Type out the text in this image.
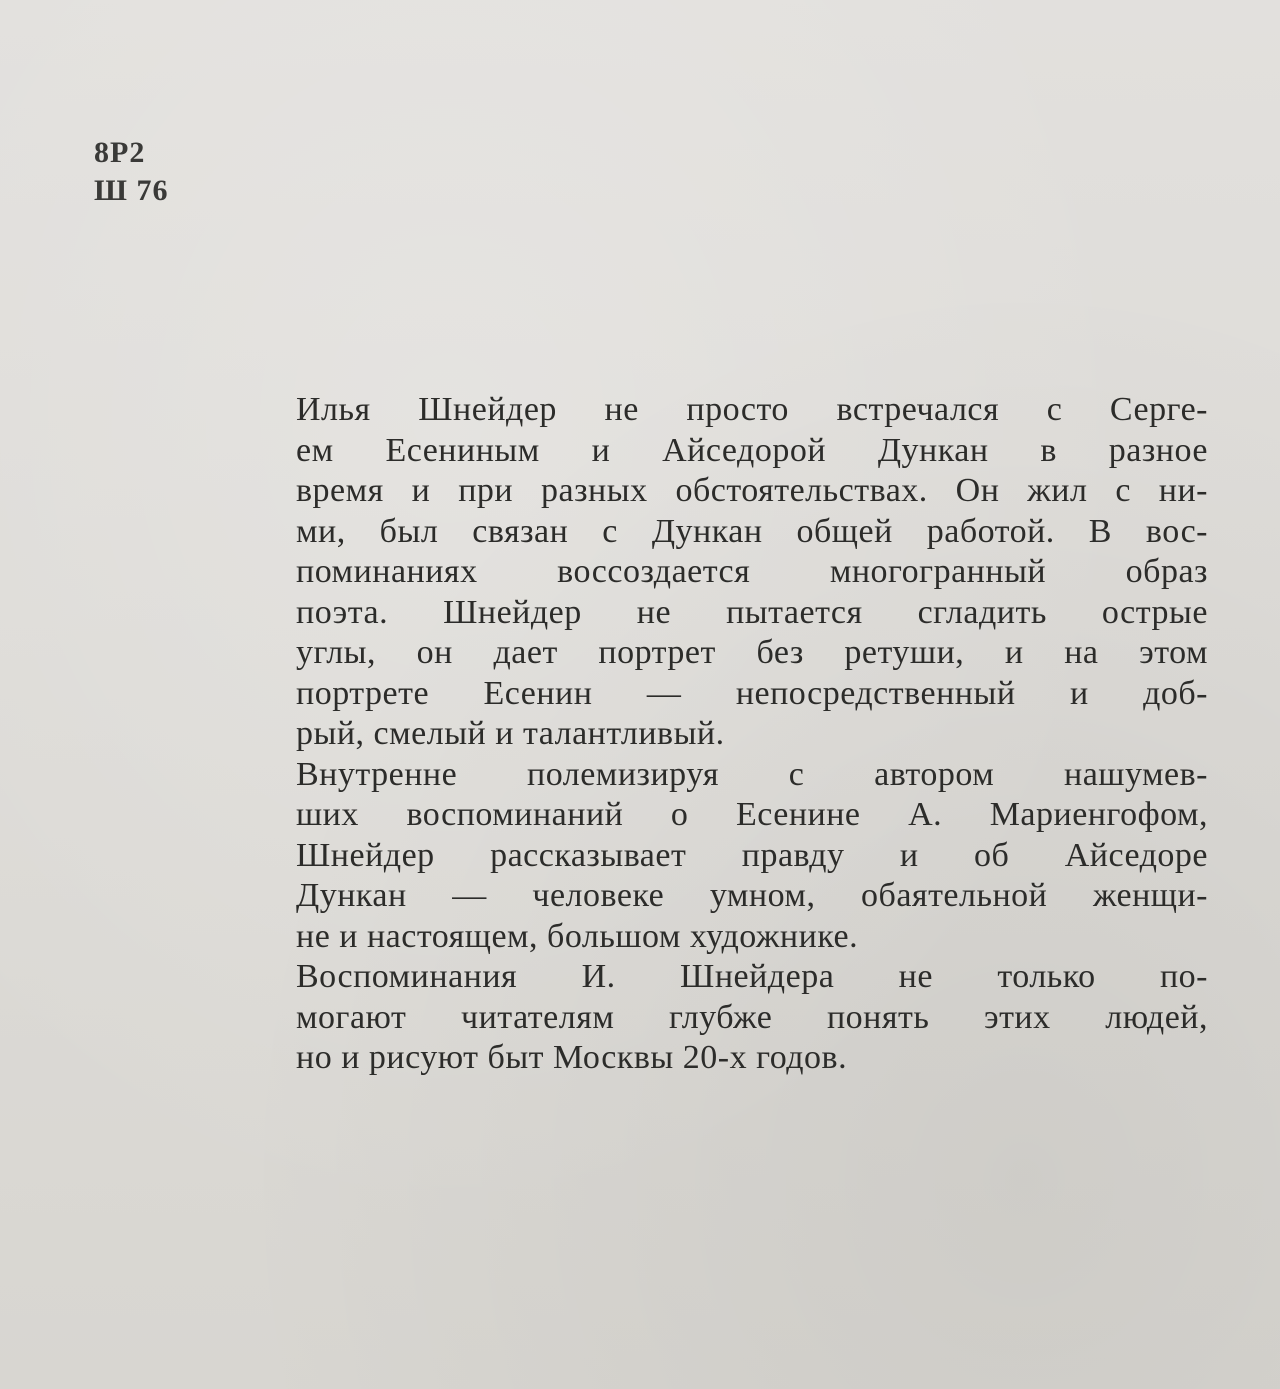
8Р2
Ш 76
Илья Шнейдер не просто встречался с Серге-
ем Есениным и Айседорой Дункан в разное
время и при разных обстоятельствах. Он жил с ни-
ми, был связан с Дункан общей работой. В вос-
поминаниях воссоздается многогранный образ
поэта. Шнейдер не пытается сгладить острые
углы, он дает портрет без ретуши, и на этом
портрете Есенин — непосредственный и доб-
рый, смелый и талантливый.
Внутренне полемизируя с автором нашумев-
ших воспоминаний о Есенине А. Мариенгофом,
Шнейдер рассказывает правду и об Айседоре
Дункан — человеке умном, обаятельной женщи-
не и настоящем, большом художнике.
Воспоминания И. Шнейдера не только по-
могают читателям глубже понять этих людей,
но и рисуют быт Москвы 20-х годов.
